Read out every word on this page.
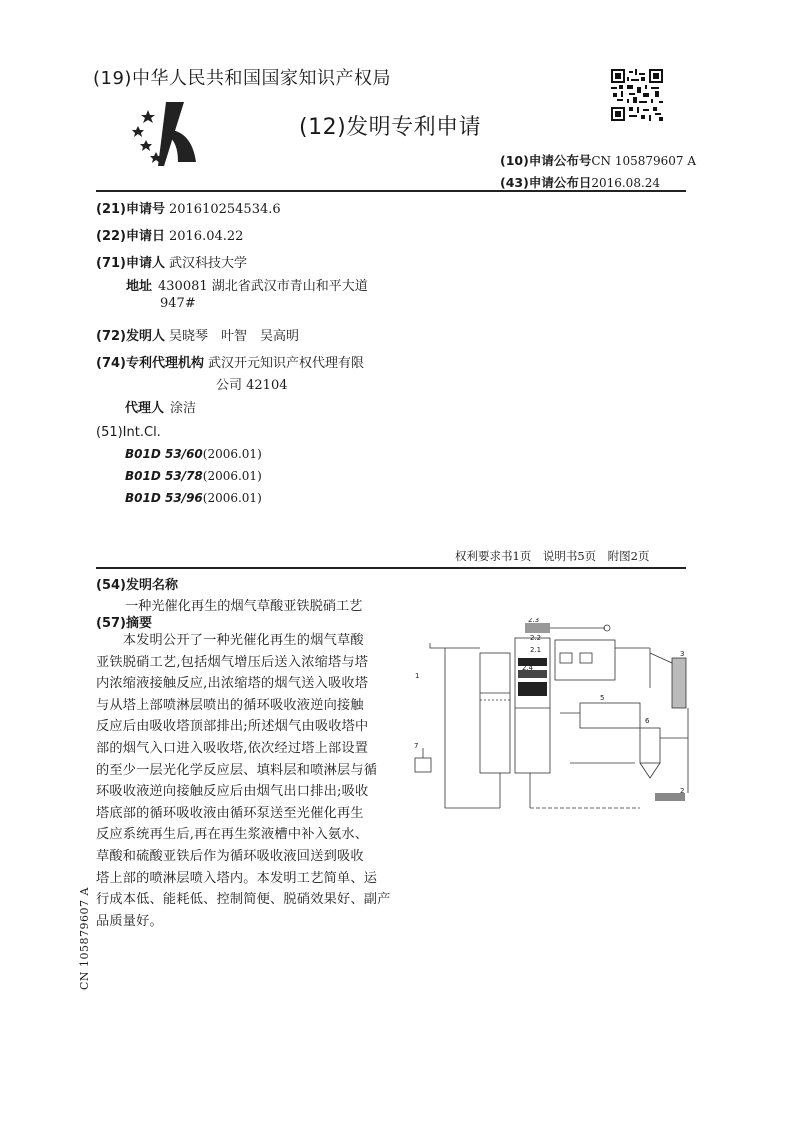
(19)中华人民共和国国家知识产权局
(12)发明专利申请
(10)申请公布号CN 105879607 A
(43)申请公布日2016.08.24
(21)申请号 201610254534.6
(22)申请日 2016.04.22
(71)申请人 武汉科技大学
地址 430081 湖北省武汉市青山和平大道
947#
(72)发明人 吴晓琴　叶智　吴高明
(74)专利代理机构 武汉开元知识产权代理有限
公司 42104
代理人 涂洁
(51)Int.Cl.
B01D 53/60(2006.01)
B01D 53/78(2006.01)
B01D 53/96(2006.01)
权利要求书1页　说明书5页　附图2页
(54)发明名称
一种光催化再生的烟气草酸亚铁脱硝工艺
(57)摘要

　　本发明公开了一种光催化再生的烟气草酸

亚铁脱硝工艺,包括烟气增压后送入浓缩塔与塔

内浓缩液接触反应,出浓缩塔的烟气送入吸收塔

与从塔上部喷淋层喷出的循环吸收液逆向接触

反应后由吸收塔顶部排出;所述烟气由吸收塔中

部的烟气入口进入吸收塔,依次经过塔上部设置

的至少一层光化学反应层、填料层和喷淋层与循

环吸收液逆向接触反应后由烟气出口排出;吸收

塔底部的循环吸收液由循环泵送至光催化再生

反应系统再生后,再在再生浆液槽中补入氨水、

草酸和硫酸亚铁后作为循环吸收液回送到吸收

塔上部的喷淋层喷入塔内。本发明工艺简单、运

行成本低、能耗低、控制简便、脱硝效果好、副产

品质量好。

1
2
3
5
6
7
2.3
2.2
2.1
2.4
CN 105879607 A
